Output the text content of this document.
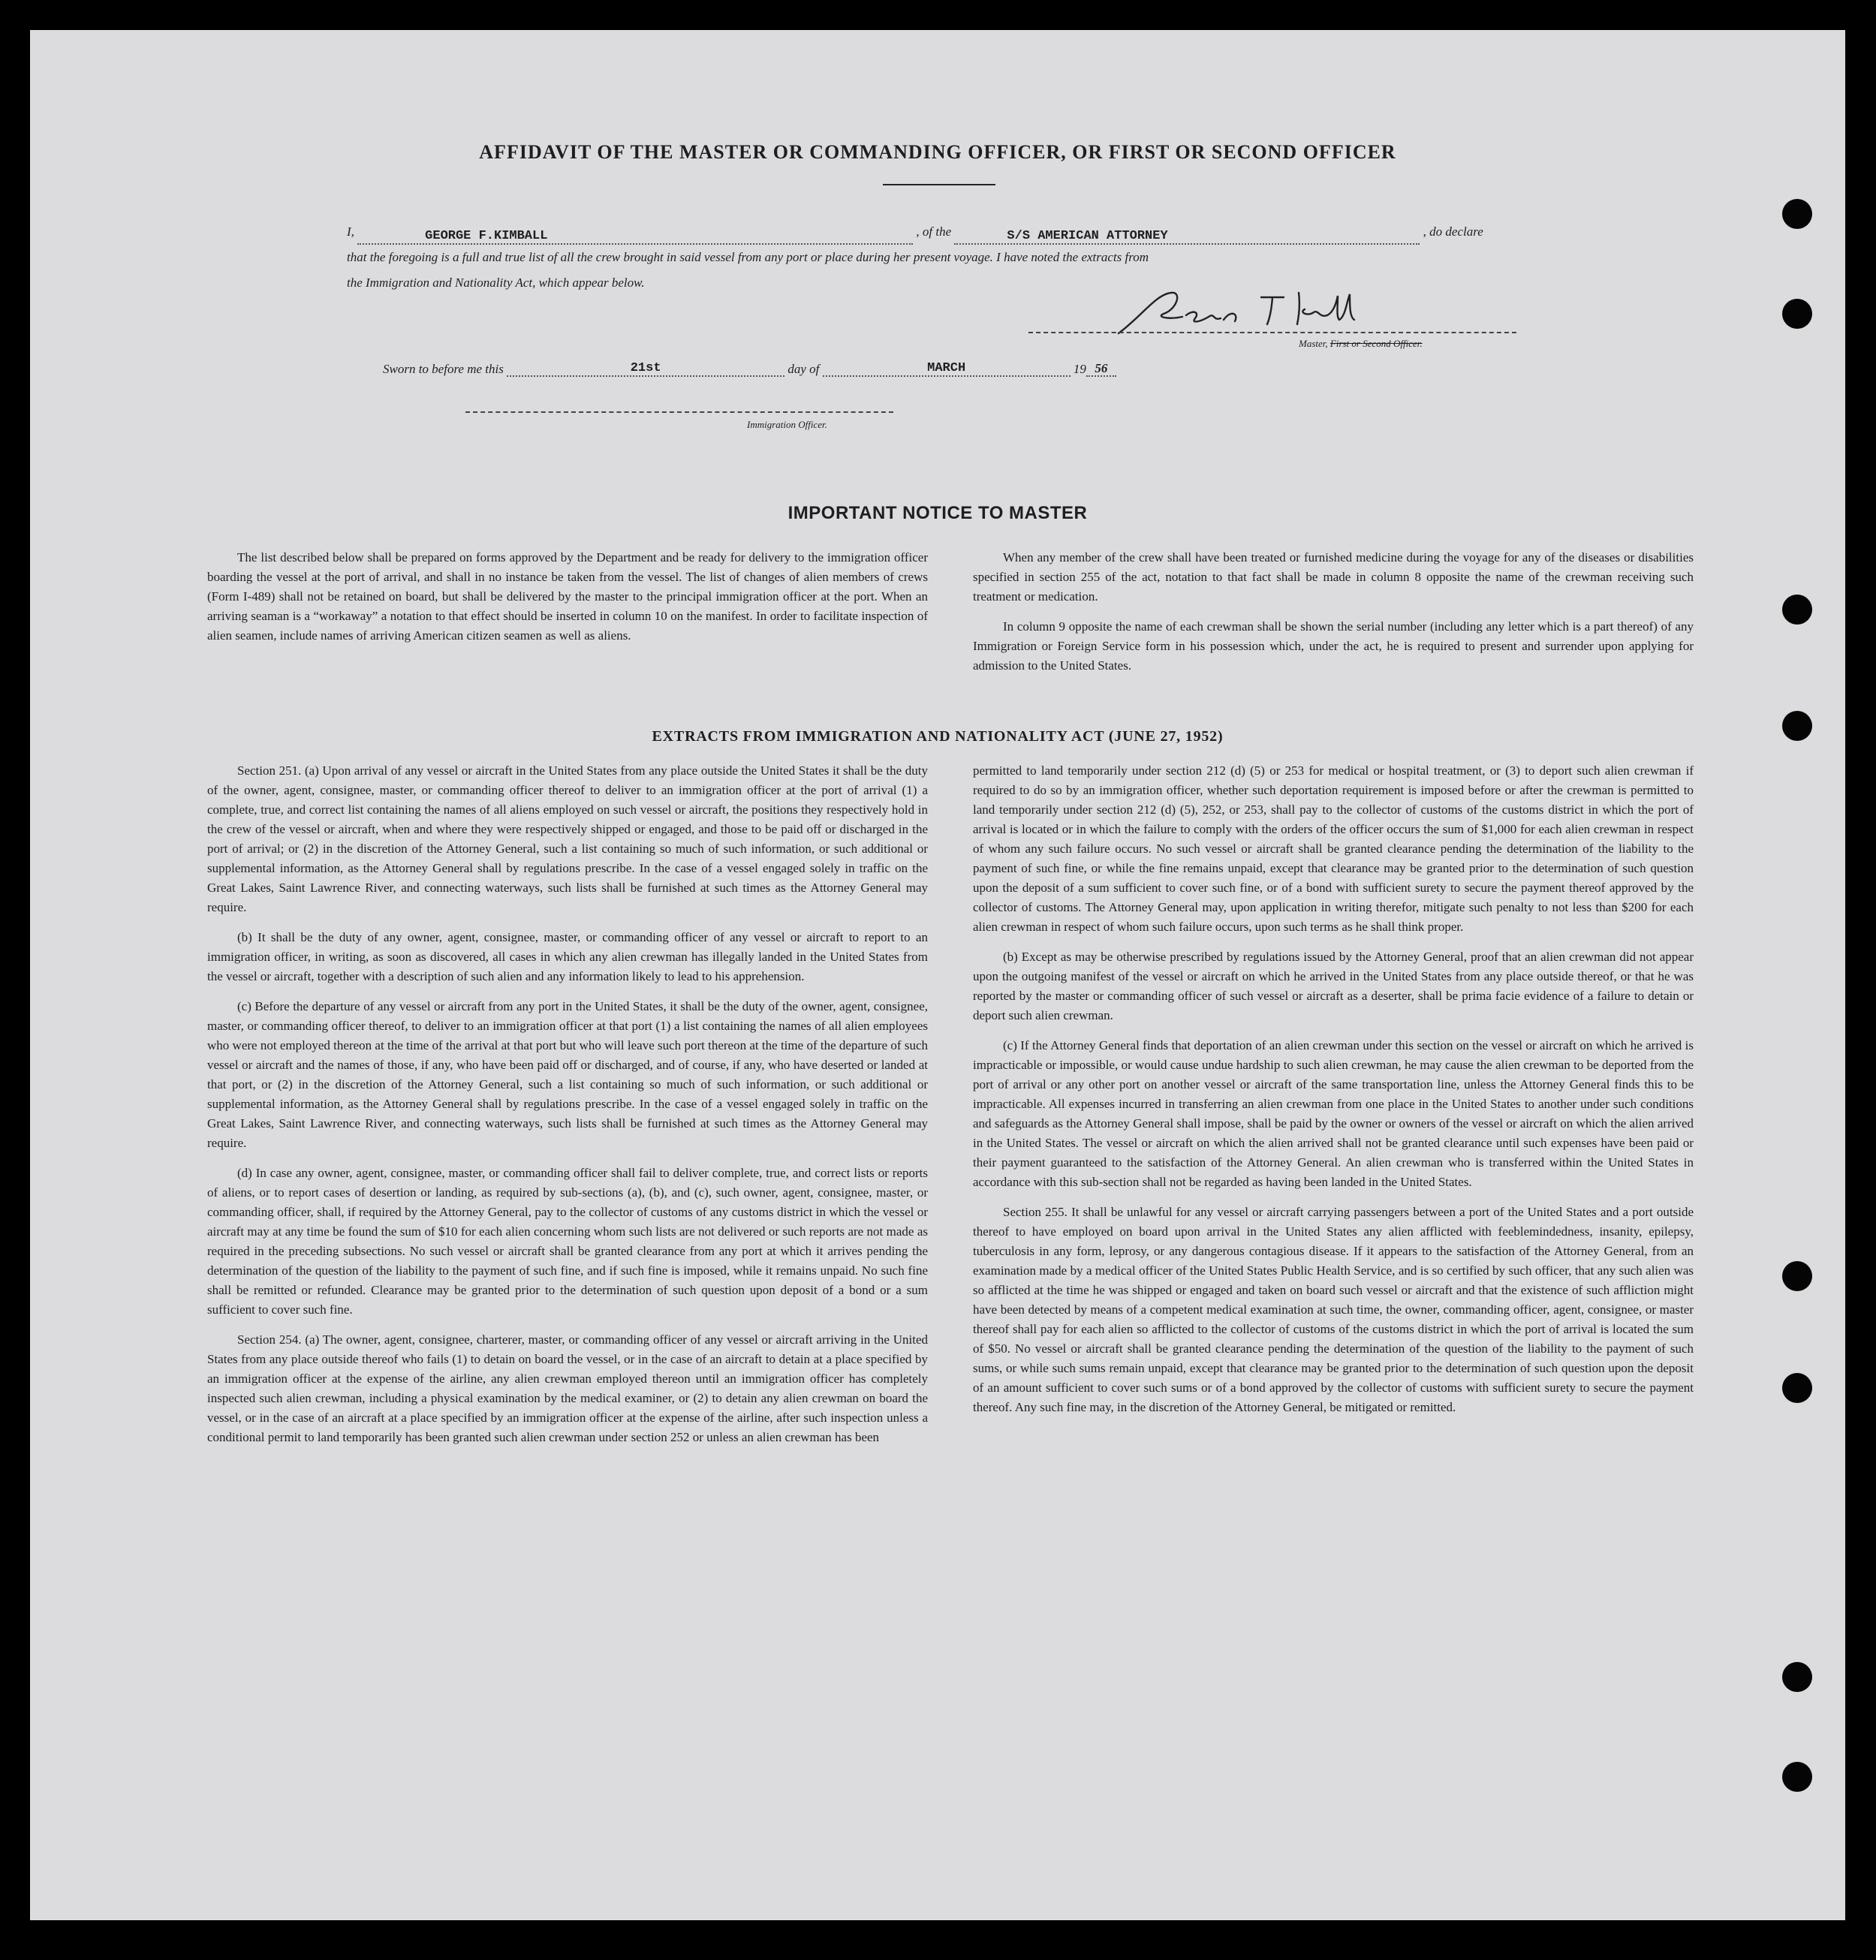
AFFIDAVIT OF THE MASTER OR COMMANDING OFFICER, OR FIRST OR SECOND OFFICER
I,	GEORGE F.KIMBALL	, of the	S/S AMERICAN ATTORNEY	, do declare
that the foregoing is a full and true list of all the crew brought in said vessel from any port or place during her present voyage. I have noted the extracts from
the Immigration and Nationality Act, which appear below.
Master, First or Second Officer.
Sworn to before me this	21st	day of	MARCH	19 56
Immigration Officer.
IMPORTANT NOTICE TO MASTER

The list described below shall be prepared on forms approved by the Department and be ready for delivery to the immigration officer boarding the vessel at the port of arrival, and shall in no instance be taken from the vessel. The list of changes of alien members of crews (Form I-489) shall not be retained on board, but shall be delivered by the master to the principal immigration officer at the port. When an arriving seaman is a “workaway” a notation to that effect should be inserted in column 10 on the manifest. In order to facilitate inspection of alien seamen, include names of arriving American citizen seamen as well as aliens.

When any member of the crew shall have been treated or furnished medicine during the voyage for any of the diseases or disabilities specified in section 255 of the act, notation to that fact shall be made in column 8 opposite the name of the crewman receiving such treatment or medication.

In column 9 opposite the name of each crewman shall be shown the serial number (including any letter which is a part thereof) of any Immigration or Foreign Service form in his possession which, under the act, he is required to present and surrender upon applying for admission to the United States.

EXTRACTS FROM IMMIGRATION AND NATIONALITY ACT (JUNE 27, 1952)

Section 251. (a) Upon arrival of any vessel or aircraft in the United States from any place outside the United States it shall be the duty of the owner, agent, consignee, master, or commanding officer thereof to deliver to an immigration officer at the port of arrival (1) a complete, true, and correct list containing the names of all aliens employed on such vessel or aircraft, the positions they respectively hold in the crew of the vessel or aircraft, when and where they were respectively shipped or engaged, and those to be paid off or discharged in the port of arrival; or (2) in the discretion of the Attorney General, such a list containing so much of such information, or such additional or supplemental information, as the Attorney General shall by regulations prescribe. In the case of a vessel engaged solely in traffic on the Great Lakes, Saint Lawrence River, and connecting waterways, such lists shall be furnished at such times as the Attorney General may require.

(b) It shall be the duty of any owner, agent, consignee, master, or commanding officer of any vessel or aircraft to report to an immigration officer, in writing, as soon as discovered, all cases in which any alien crewman has illegally landed in the United States from the vessel or aircraft, together with a description of such alien and any information likely to lead to his apprehension.

(c) Before the departure of any vessel or aircraft from any port in the United States, it shall be the duty of the owner, agent, consignee, master, or commanding officer thereof, to deliver to an immigration officer at that port (1) a list containing the names of all alien employees who were not employed thereon at the time of the arrival at that port but who will leave such port thereon at the time of the departure of such vessel or aircraft and the names of those, if any, who have been paid off or discharged, and of course, if any, who have deserted or landed at that port, or (2) in the discretion of the Attorney General, such a list containing so much of such information, or such additional or supplemental information, as the Attorney General shall by regulations prescribe. In the case of a vessel engaged solely in traffic on the Great Lakes, Saint Lawrence River, and connecting waterways, such lists shall be furnished at such times as the Attorney General may require.

(d) In case any owner, agent, consignee, master, or commanding officer shall fail to deliver complete, true, and correct lists or reports of aliens, or to report cases of desertion or landing, as required by sub-sections (a), (b), and (c), such owner, agent, consignee, master, or commanding officer, shall, if required by the Attorney General, pay to the collector of customs of any customs district in which the vessel or aircraft may at any time be found the sum of $10 for each alien concerning whom such lists are not delivered or such reports are not made as required in the preceding subsections. No such vessel or aircraft shall be granted clearance from any port at which it arrives pending the determination of the question of the liability to the payment of such fine, and if such fine is imposed, while it remains unpaid. No such fine shall be remitted or refunded. Clearance may be granted prior to the determination of such question upon deposit of a bond or a sum sufficient to cover such fine.

Section 254. (a) The owner, agent, consignee, charterer, master, or commanding officer of any vessel or aircraft arriving in the United States from any place outside thereof who fails (1) to detain on board the vessel, or in the case of an aircraft to detain at a place specified by an immigration officer at the expense of the airline, any alien crewman employed thereon until an immigration officer has completely inspected such alien crewman, including a physical examination by the medical examiner, or (2) to detain any alien crewman on board the vessel, or in the case of an aircraft at a place specified by an immigration officer at the expense of the airline, after such inspection unless a conditional permit to land temporarily has been granted such alien crewman under section 252 or unless an alien crewman has been

permitted to land temporarily under section 212 (d) (5) or 253 for medical or hospital treatment, or (3) to deport such alien crewman if required to do so by an immigration officer, whether such deportation requirement is imposed before or after the crewman is permitted to land temporarily under section 212 (d) (5), 252, or 253, shall pay to the collector of customs of the customs district in which the port of arrival is located or in which the failure to comply with the orders of the officer occurs the sum of $1,000 for each alien crewman in respect of whom any such failure occurs. No such vessel or aircraft shall be granted clearance pending the determination of the liability to the payment of such fine, or while the fine remains unpaid, except that clearance may be granted prior to the determination of such question upon the deposit of a sum sufficient to cover such fine, or of a bond with sufficient surety to secure the payment thereof approved by the collector of customs. The Attorney General may, upon application in writing therefor, mitigate such penalty to not less than $200 for each alien crewman in respect of whom such failure occurs, upon such terms as he shall think proper.

(b) Except as may be otherwise prescribed by regulations issued by the Attorney General, proof that an alien crewman did not appear upon the outgoing manifest of the vessel or aircraft on which he arrived in the United States from any place outside thereof, or that he was reported by the master or commanding officer of such vessel or aircraft as a deserter, shall be prima facie evidence of a failure to detain or deport such alien crewman.

(c) If the Attorney General finds that deportation of an alien crewman under this section on the vessel or aircraft on which he arrived is impracticable or impossible, or would cause undue hardship to such alien crewman, he may cause the alien crewman to be deported from the port of arrival or any other port on another vessel or aircraft of the same transportation line, unless the Attorney General finds this to be impracticable. All expenses incurred in transferring an alien crewman from one place in the United States to another under such conditions and safeguards as the Attorney General shall impose, shall be paid by the owner or owners of the vessel or aircraft on which the alien arrived in the United States. The vessel or aircraft on which the alien arrived shall not be granted clearance until such expenses have been paid or their payment guaranteed to the satisfaction of the Attorney General. An alien crewman who is transferred within the United States in accordance with this sub-section shall not be regarded as having been landed in the United States.

Section 255. It shall be unlawful for any vessel or aircraft carrying passengers between a port of the United States and a port outside thereof to have employed on board upon arrival in the United States any alien afflicted with feeblemindedness, insanity, epilepsy, tuberculosis in any form, leprosy, or any dangerous contagious disease. If it appears to the satisfaction of the Attorney General, from an examination made by a medical officer of the United States Public Health Service, and is so certified by such officer, that any such alien was so afflicted at the time he was shipped or engaged and taken on board such vessel or aircraft and that the existence of such affliction might have been detected by means of a competent medical examination at such time, the owner, commanding officer, agent, consignee, or master thereof shall pay for each alien so afflicted to the collector of customs of the customs district in which the port of arrival is located the sum of $50. No vessel or aircraft shall be granted clearance pending the determination of the question of the liability to the payment of such sums, or while such sums remain unpaid, except that clearance may be granted prior to the determination of such question upon the deposit of an amount sufficient to cover such sums or of a bond approved by the collector of customs with sufficient surety to secure the payment thereof. Any such fine may, in the discretion of the Attorney General, be mitigated or remitted.
